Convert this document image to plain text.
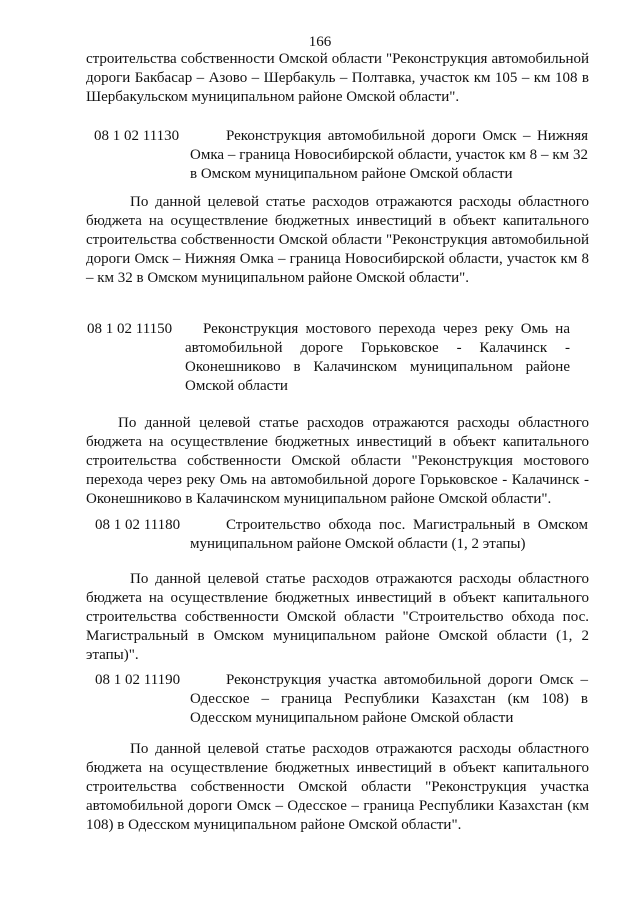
166

строительства собственности Омской области "Реконструкция автомобильной дороги Бакбасар – Азово – Шербакуль – Полтавка, участок км 105 – км 108 в Шербакульском муниципальном районе Омской области".

08 1 02 11130	Реконструкция автомобильной дороги Омск – Нижняя Омка – граница Новосибирской области, участок км 8 – км 32 в Омском муниципальном районе Омской области

По данной целевой статье расходов отражаются расходы областного бюджета на осуществление бюджетных инвестиций в объект капитального строительства собственности Омской области "Реконструкция автомобильной дороги Омск – Нижняя Омка – граница Новосибирской области, участок км 8 – км 32 в Омском муниципальном районе Омской области".

08 1 02 11150	Реконструкция мостового перехода через реку Омь на автомобильной дороге Горьковское - Калачинск - Оконешниково в Калачинском муниципальном районе Омской области

По данной целевой статье расходов отражаются расходы областного бюджета на осуществление бюджетных инвестиций в объект капитального строительства собственности Омской области "Реконструкция мостового перехода через реку Омь на автомобильной дороге Горьковское - Калачинск - Оконешниково в Калачинском муниципальном районе Омской области".

08 1 02 11180	Строительство обхода пос. Магистральный в Омском муниципальном районе Омской области (1, 2 этапы)

По данной целевой статье расходов отражаются расходы областного бюджета на осуществление бюджетных инвестиций в объект капитального строительства собственности Омской области "Строительство обхода пос. Магистральный в Омском муниципальном районе Омской области (1, 2 этапы)".

08 1 02 11190	Реконструкция участка автомобильной дороги Омск – Одесское – граница Республики Казахстан (км 108) в Одесском муниципальном районе Омской области

По данной целевой статье расходов отражаются расходы областного бюджета на осуществление бюджетных инвестиций в объект капитального строительства собственности Омской области "Реконструкция участка автомобильной дороги Омск – Одесское – граница Республики Казахстан (км 108) в Одесском муниципальном районе Омской области".
